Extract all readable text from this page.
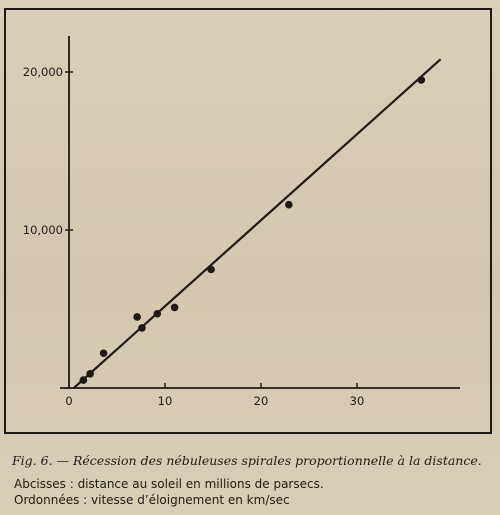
0	10	20	30
10,000
20,000
Fig. 6. — Récession des nébuleuses spirales proportionnelle à la distance.
Abcisses : distance au soleil en millions de parsecs.
Ordonnées : vitesse d’éloignement en km/sec
